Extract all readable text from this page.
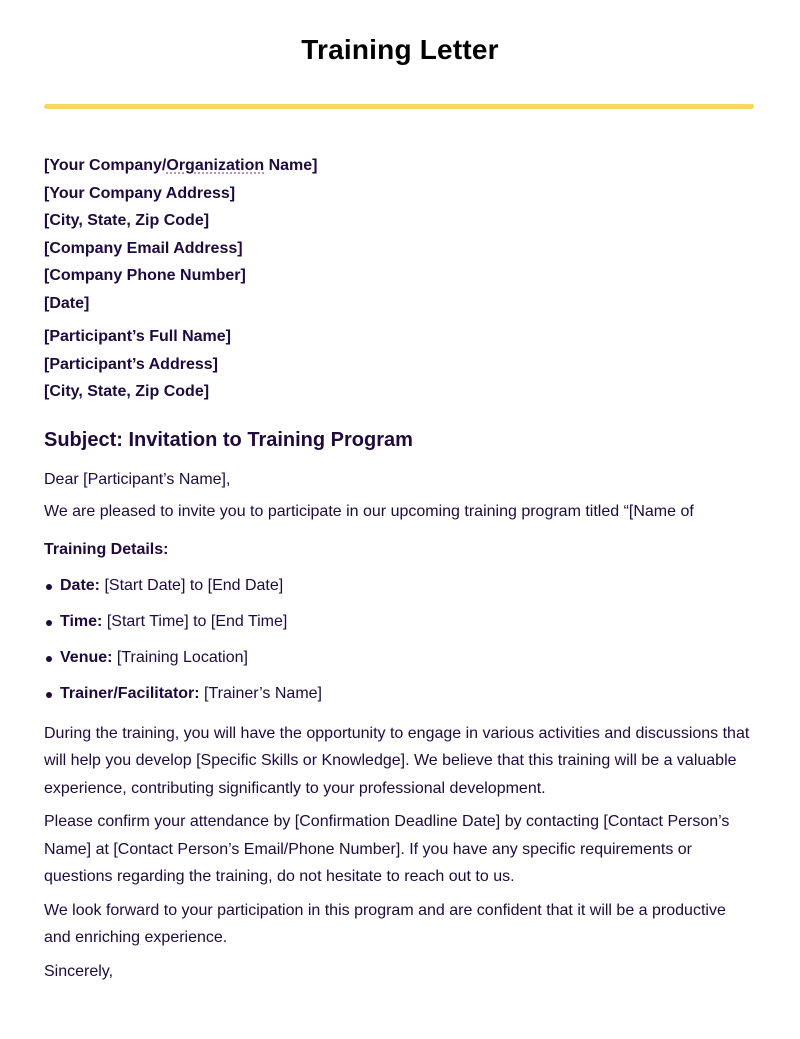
Training Letter
[Your Company/Organization Name]
[Your Company Address]
[City, State, Zip Code]
[Company Email Address]
[Company Phone Number]
[Date]
[Participant’s Full Name]
[Participant’s Address]
[City, State, Zip Code]
Subject: Invitation to Training Program
Dear [Participant’s Name],
We are pleased to invite you to participate in our upcoming training program titled “[Name of
Training Details:
Date: [Start Date] to [End Date]
Time: [Start Time] to [End Time]
Venue: [Training Location]
Trainer/Facilitator: [Trainer’s Name]
During the training, you will have the opportunity to engage in various activities and discussions that will help you develop [Specific Skills or Knowledge]. We believe that this training will be a valuable experience, contributing significantly to your professional development.
Please confirm your attendance by [Confirmation Deadline Date] by contacting [Contact Person’s Name] at [Contact Person’s Email/Phone Number]. If you have any specific requirements or questions regarding the training, do not hesitate to reach out to us.
We look forward to your participation in this program and are confident that it will be a productive and enriching experience.
Sincerely,
